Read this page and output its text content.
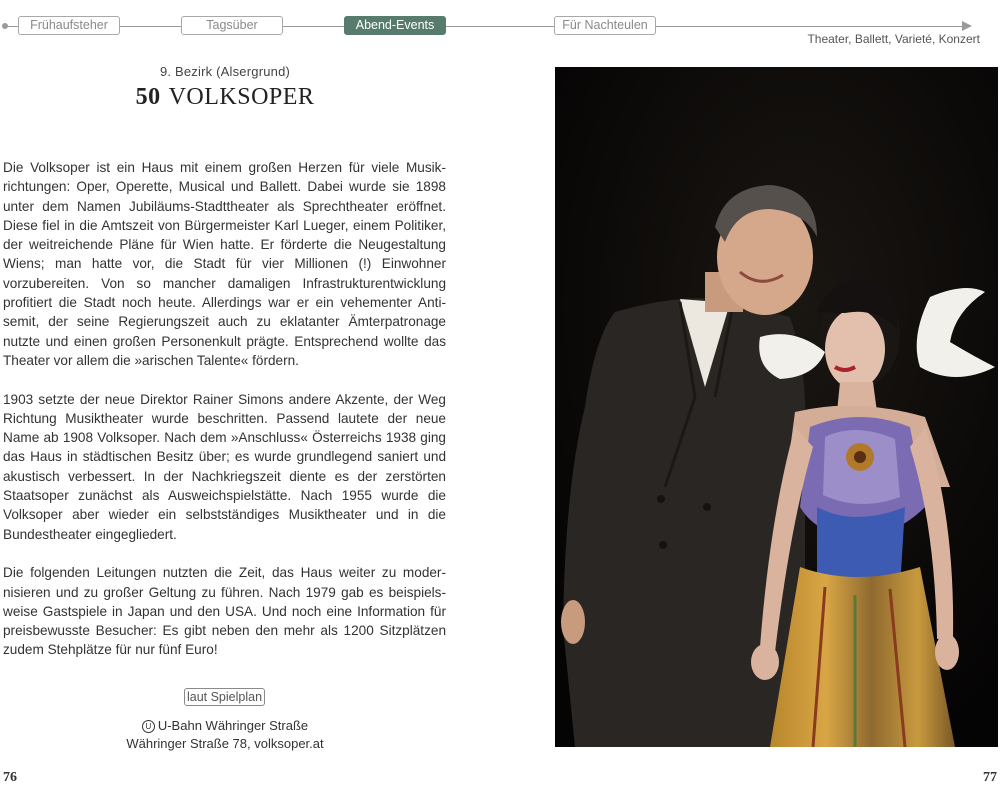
Frühaufsteher	Tagsüber	Abend-Events	Für Nachteulen
Theater, Ballett, Varieté, Konzert
9. Bezirk (Alsergrund)
50 VOLKSOPER

Die Volksoper ist ein Haus mit einem großen Herzen für viele Musikrichtungen: Oper, Operette, Musical und Ballett. Dabei wurde sie 1898 unter dem Namen Jubiläums-Stadttheater als Sprechtheater eröffnet. Diese fiel in die Amtszeit von Bürgermeister Karl Lueger, einem Politiker, der weitreichende Pläne für Wien hatte. Er förderte die Neugestaltung Wiens; man hatte vor, die Stadt für vier Millionen (!) Einwohner vorzubereiten. Von so mancher damaligen Infrastrukturentwicklung profitiert die Stadt noch heute. Allerdings war er ein vehementer Antisemit, der seine Regierungszeit auch zu eklatanter Ämterpatronage nutzte und einen großen Personenkult prägte. Entsprechend wollte das Theater vor allem die »arischen Talente« fördern.

1903 setzte der neue Direktor Rainer Simons andere Akzente, der Weg Richtung Musiktheater wurde beschritten. Passend lautete der neue Name ab 1908 Volksoper. Nach dem »Anschluss« Österreichs 1938 ging das Haus in städtischen Besitz über; es wurde grundlegend saniert und akustisch verbessert. In der Nachkriegszeit diente es der zerstörten Staatsoper zunächst als Ausweichspielstätte. Nach 1955 wurde die Volksoper aber wieder ein selbstständiges Musiktheater und in die Bundestheater eingegliedert.

Die folgenden Leitungen nutzten die Zeit, das Haus weiter zu modernisieren und zu großer Geltung zu führen. Nach 1979 gab es beispielsweise Gastspiele in Japan und den USA. Und noch eine Information für preisbewusste Besucher: Es gibt neben den mehr als 1200 Sitzplätzen zudem Stehplätze für nur fünf Euro!

laut Spielplan
U U-Bahn Währinger Straße
Währinger Straße 78, volksoper.at
76	77
